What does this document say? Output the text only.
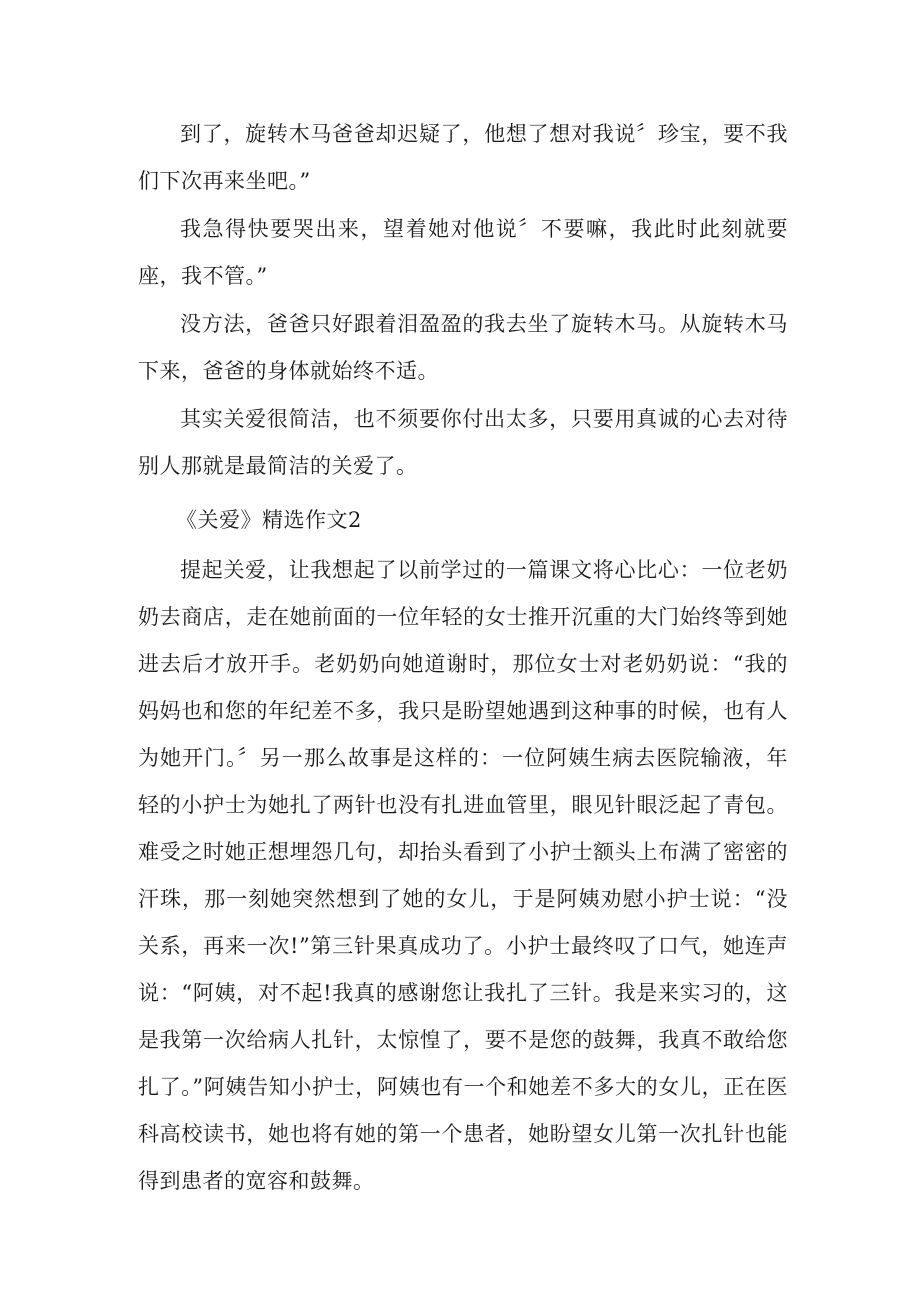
到了，旋转木马爸爸却迟疑了，他想了想对我说〞珍宝，要不我们下次再来坐吧。”

我急得快要哭出来，望着她对他说〞不要嘛，我此时此刻就要座，我不管。”

没方法，爸爸只好跟着泪盈盈的我去坐了旋转木马。从旋转木马下来，爸爸的身体就始终不适。

其实关爱很简洁，也不须要你付出太多，只要用真诚的心去对待别人那就是最简洁的关爱了。

《关爱》精选作文2

提起关爱，让我想起了以前学过的一篇课文将心比心：一位老奶奶去商店，走在她前面的一位年轻的女士推开沉重的大门始终等到她进去后才放开手。老奶奶向她道谢时，那位女士对老奶奶说：“我的妈妈也和您的年纪差不多，我只是盼望她遇到这种事的时候，也有人为她开门。〞另一那么故事是这样的：一位阿姨生病去医院输液，年轻的小护士为她扎了两针也没有扎进血管里，眼见针眼泛起了青包。难受之时她正想埋怨几句，却抬头看到了小护士额头上布满了密密的汗珠，那一刻她突然想到了她的女儿，于是阿姨劝慰小护士说：“没关系，再来一次!”第三针果真成功了。小护士最终叹了口气，她连声说：“阿姨，对不起!我真的感谢您让我扎了三针。我是来实习的，这是我第一次给病人扎针，太惊惶了，要不是您的鼓舞，我真不敢给您扎了。”阿姨告知小护士，阿姨也有一个和她差不多大的女儿，正在医科高校读书，她也将有她的第一个患者，她盼望女儿第一次扎针也能得到患者的宽容和鼓舞。
